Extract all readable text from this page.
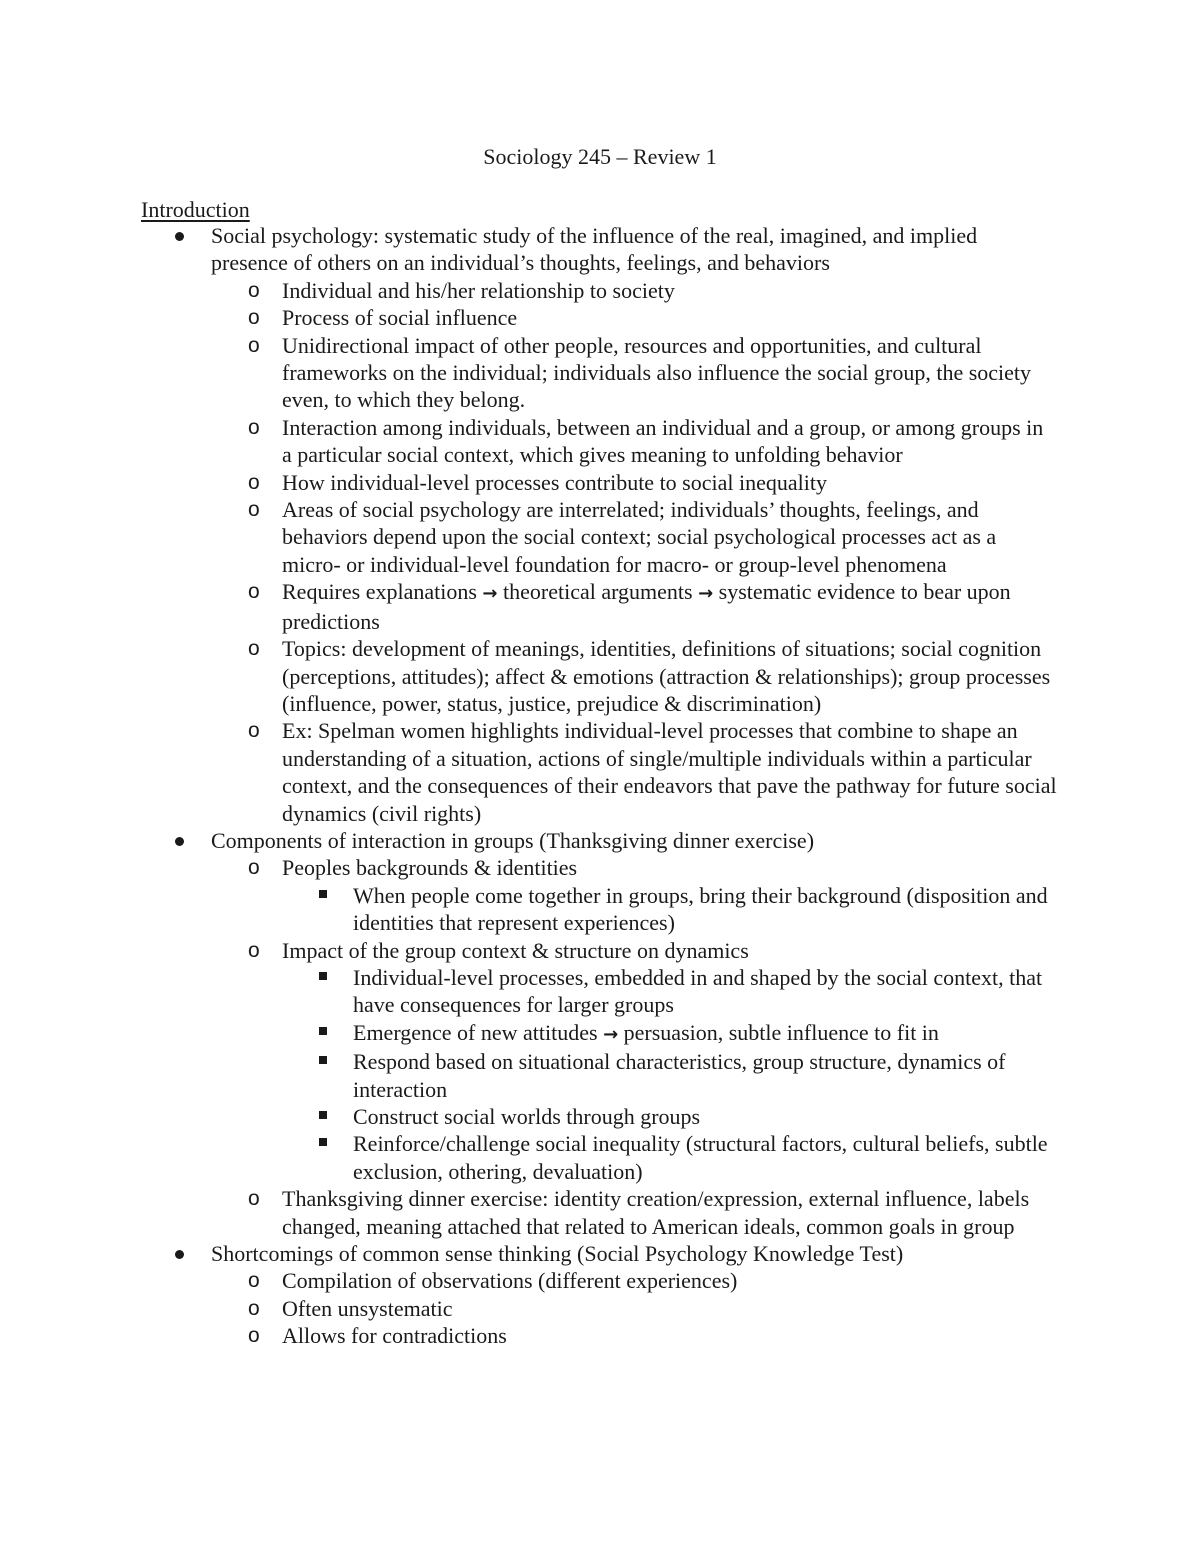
Sociology 245 – Review 1
Introduction
Social psychology: systematic study of the influence of the real, imagined, and implied presence of others on an individual’s thoughts, feelings, and behaviors
o Individual and his/her relationship to society
o Process of social influence
o Unidirectional impact of other people, resources and opportunities, and cultural frameworks on the individual; individuals also influence the social group, the society even, to which they belong.
o Interaction among individuals, between an individual and a group, or among groups in a particular social context, which gives meaning to unfolding behavior
o How individual-level processes contribute to social inequality
o Areas of social psychology are interrelated; individuals’ thoughts, feelings, and behaviors depend upon the social context; social psychological processes act as a micro- or individual-level foundation for macro- or group-level phenomena
o Requires explanations → theoretical arguments → systematic evidence to bear upon predictions
o Topics: development of meanings, identities, definitions of situations; social cognition (perceptions, attitudes); affect & emotions (attraction & relationships); group processes (influence, power, status, justice, prejudice & discrimination)
o Ex: Spelman women highlights individual-level processes that combine to shape an understanding of a situation, actions of single/multiple individuals within a particular context, and the consequences of their endeavors that pave the pathway for future social dynamics (civil rights)
Components of interaction in groups (Thanksgiving dinner exercise)
o Peoples backgrounds & identities
When people come together in groups, bring their background (disposition and identities that represent experiences)
o Impact of the group context & structure on dynamics
Individual-level processes, embedded in and shaped by the social context, that have consequences for larger groups
Emergence of new attitudes → persuasion, subtle influence to fit in
Respond based on situational characteristics, group structure, dynamics of interaction
Construct social worlds through groups
Reinforce/challenge social inequality (structural factors, cultural beliefs, subtle exclusion, othering, devaluation)
o Thanksgiving dinner exercise: identity creation/expression, external influence, labels changed, meaning attached that related to American ideals, common goals in group
Shortcomings of common sense thinking (Social Psychology Knowledge Test)
o Compilation of observations (different experiences)
o Often unsystematic
o Allows for contradictions
